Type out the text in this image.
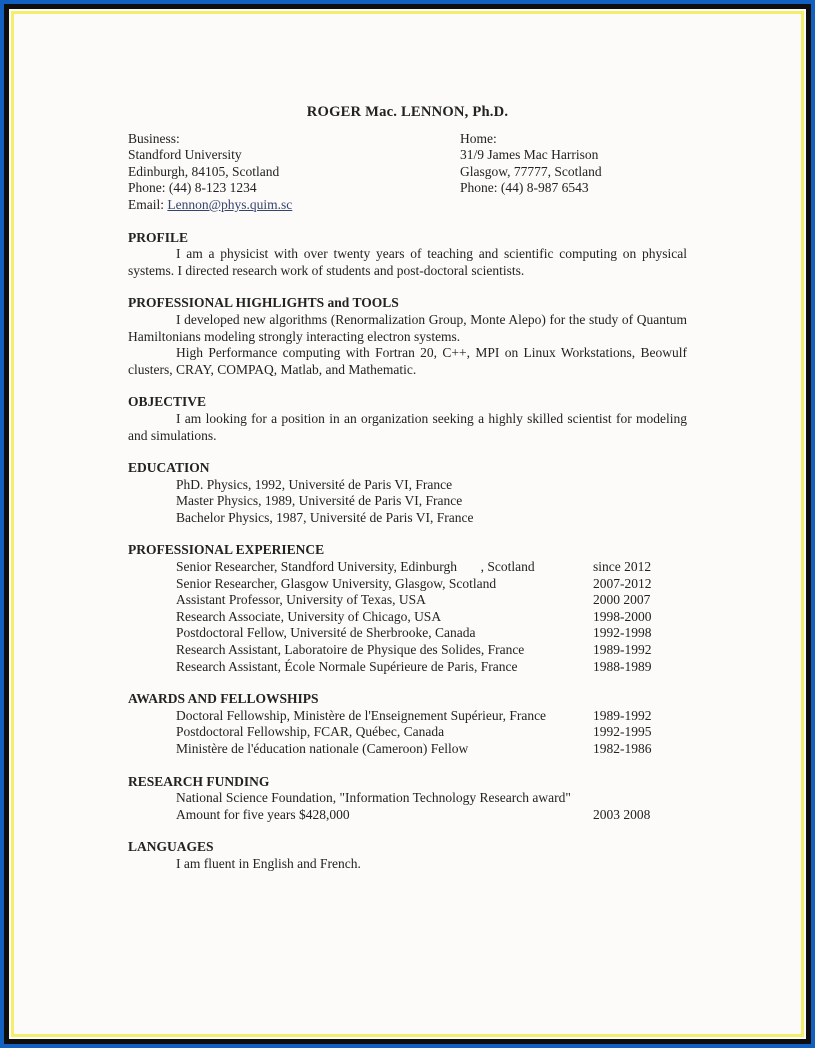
ROGER Mac. LENNON, Ph.D.
Business:
Standford University
Edinburgh, 84105, Scotland
Phone: (44) 8-123 1234
Email: Lennon@phys.quim.sc
Home:
31/9 James Mac Harrison
Glasgow, 77777, Scotland
Phone: (44) 8-987 6543
PROFILE
I am a physicist with over twenty years of teaching and scientific computing on physical systems. I directed research work of students and post-doctoral scientists.
PROFESSIONAL HIGHLIGHTS and TOOLS
I developed new algorithms (Renormalization Group, Monte Alepo) for the study of Quantum Hamiltonians modeling strongly interacting electron systems.
High Performance computing with Fortran 20, C++, MPI on Linux Workstations, Beowulf clusters, CRAY, COMPAQ, Matlab, and Mathematic.
OBJECTIVE
I am looking for a position in an organization seeking a highly skilled scientist for modeling and simulations.
EDUCATION
PhD. Physics, 1992, Université de Paris VI, France
Master Physics, 1989, Université de Paris VI, France
Bachelor Physics, 1987, Université de Paris VI, France
PROFESSIONAL EXPERIENCE
Senior Researcher, Standford University, Edinburgh       , Scotland	since 2012
Senior Researcher, Glasgow University, Glasgow, Scotland	2007-2012
Assistant Professor, University of Texas, USA	2000 2007
Research Associate, University of Chicago, USA	1998-2000
Postdoctoral Fellow, Université de Sherbrooke, Canada	1992-1998
Research Assistant, Laboratoire de Physique des Solides, France	1989-1992
Research Assistant, École Normale Supérieure de Paris, France	1988-1989
AWARDS AND FELLOWSHIPS
Doctoral Fellowship, Ministère de l'Enseignement Supérieur, France	1989-1992
Postdoctoral Fellowship, FCAR, Québec, Canada	1992-1995
Ministère de l'éducation nationale (Cameroon) Fellow	1982-1986
RESEARCH FUNDING
National Science Foundation, "Information Technology Research award"
Amount for five years $428,000	2003 2008
LANGUAGES
I am fluent in English and French.
